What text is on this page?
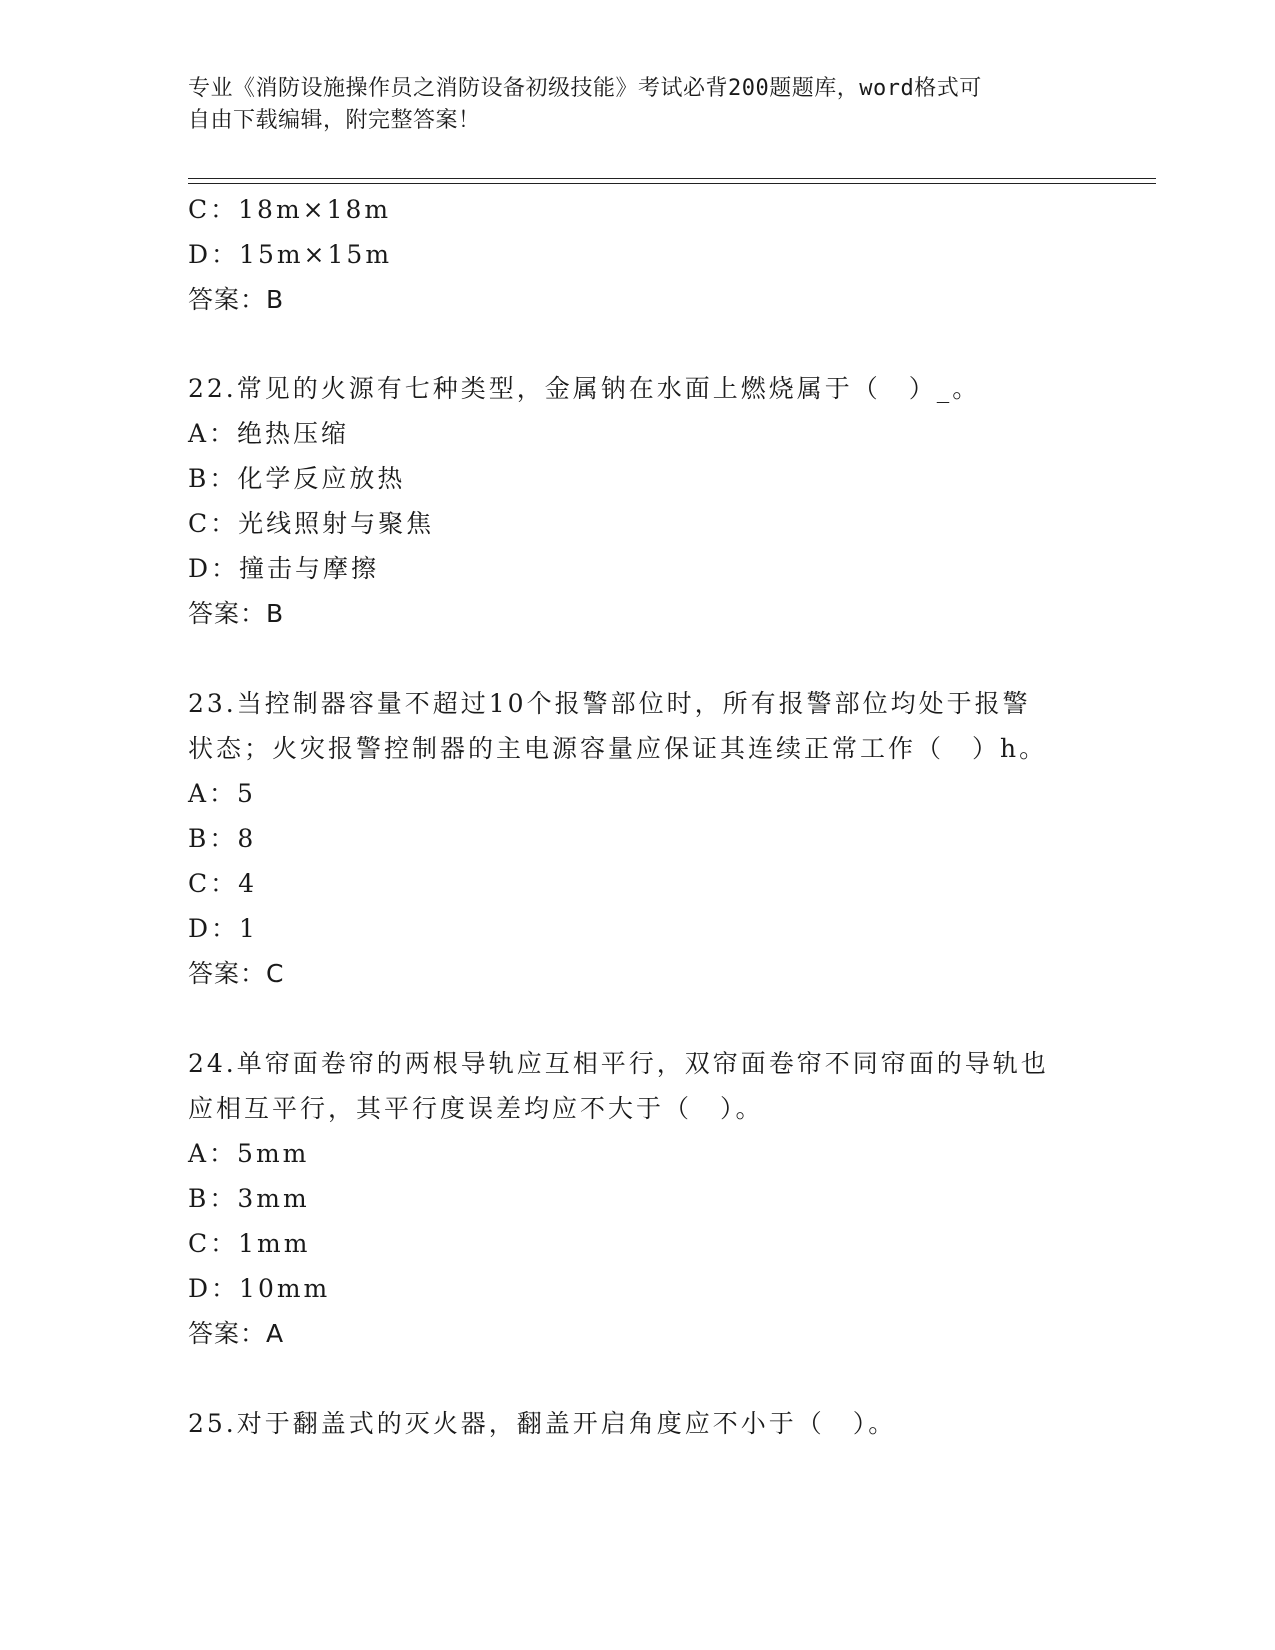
专业《消防设施操作员之消防设备初级技能》考试必背200题题库，word格式可
自由下载编辑，附完整答案！
C：18m×18m
D：15m×15m
答案：B
22.常见的火源有七种类型，金属钠在水面上燃烧属于（　）_。
A：绝热压缩
B：化学反应放热
C：光线照射与聚焦
D：撞击与摩擦
答案：B
23.当控制器容量不超过10个报警部位时，所有报警部位均处于报警
状态；火灾报警控制器的主电源容量应保证其连续正常工作（　）h。
A：5
B：8
C：4
D：1
答案：C
24.单帘面卷帘的两根导轨应互相平行，双帘面卷帘不同帘面的导轨也
应相互平行，其平行度误差均应不大于（　）。
A：5mm
B：3mm
C：1mm
D：10mm
答案：A
25.对于翻盖式的灭火器，翻盖开启角度应不小于（　）。
